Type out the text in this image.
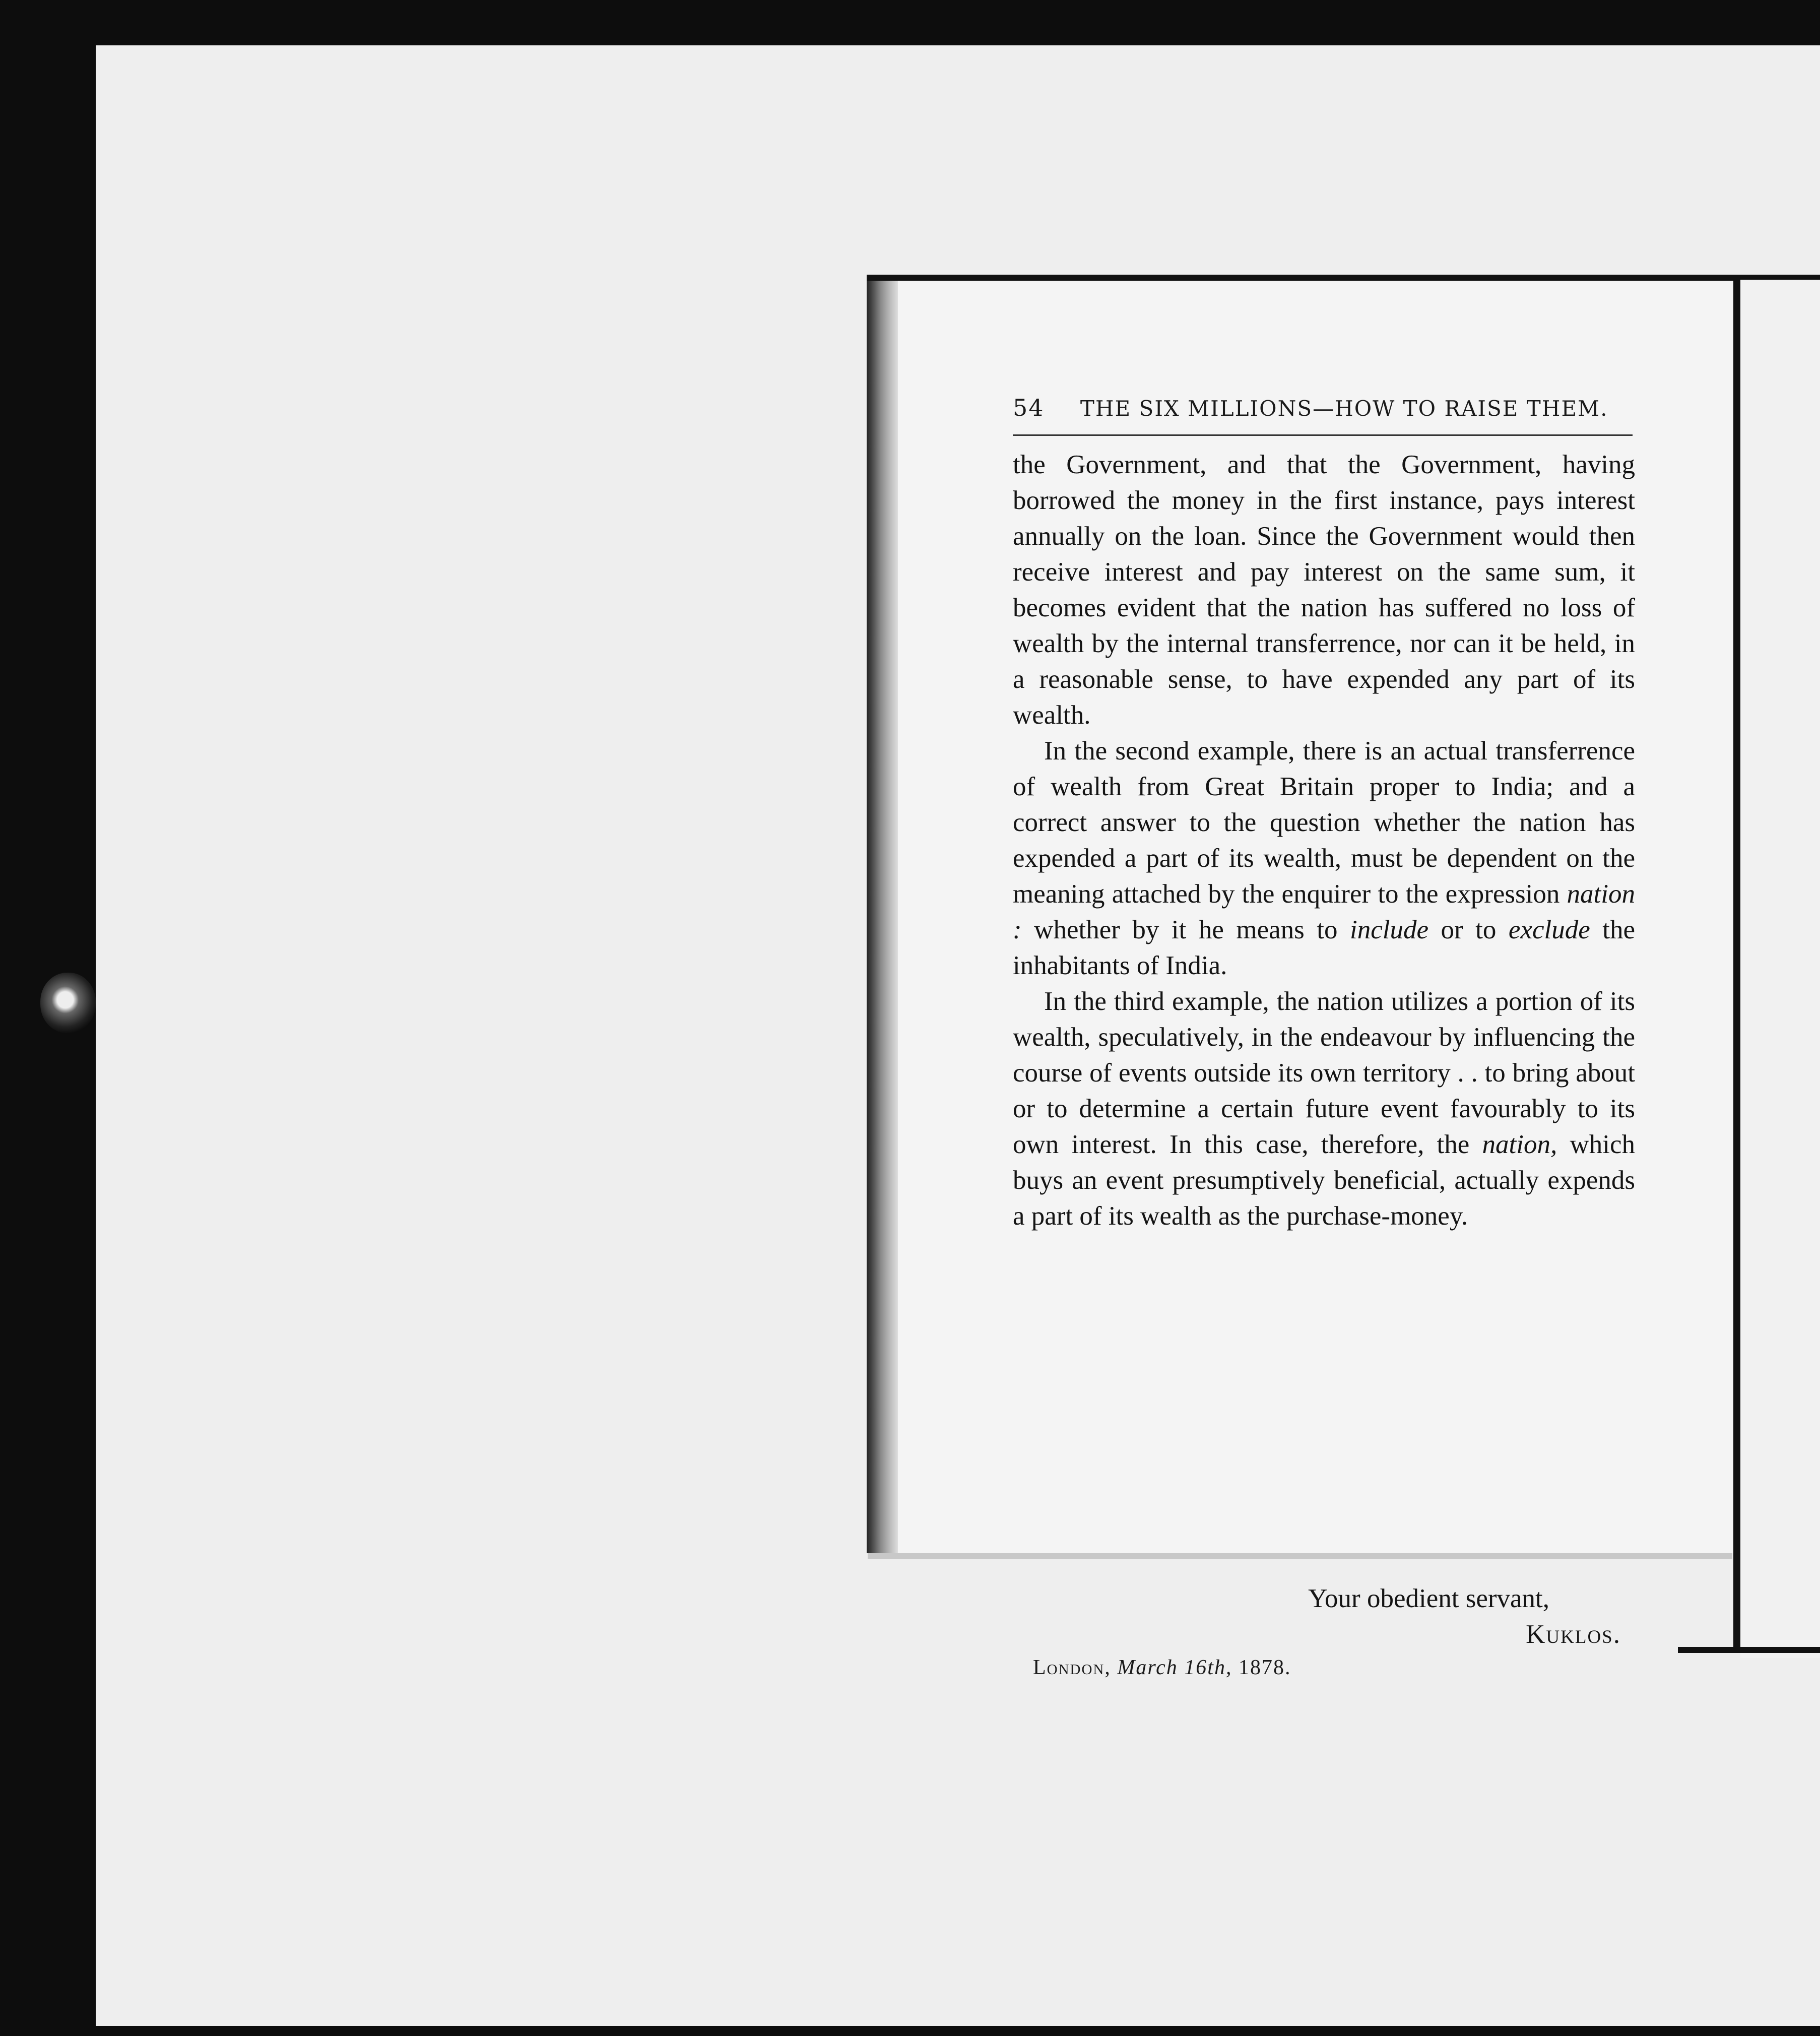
54 THE SIX MILLIONS—HOW TO RAISE THEM.

the Government, and that the Government, having borrowed the money in the first instance, pays interest annually on the loan. Since the Government would then receive interest and pay interest on the same sum, it becomes evident that the nation has suffered no loss of wealth by the internal transferrence, nor can it be held, in a reasonable sense, to have expended any part of its wealth.

In the second example, there is an actual transferrence of wealth from Great Britain proper to India; and a correct answer to the question whether the nation has expended a part of its wealth, must be dependent on the meaning attached by the enquirer to the expression nation : whether by it he means to include or to exclude the inhabitants of India.

In the third example, the nation utilizes a portion of its wealth, speculatively, in the endeavour by influencing the course of events outside its own territory . . to bring about or to determine a certain future event favourably to its own interest. In this case, therefore, the nation, which buys an event presumptively beneficial, actually expends a part of its wealth as the purchase-money.

Your obedient servant,
Kuklos.
London, March 16th, 1878.
